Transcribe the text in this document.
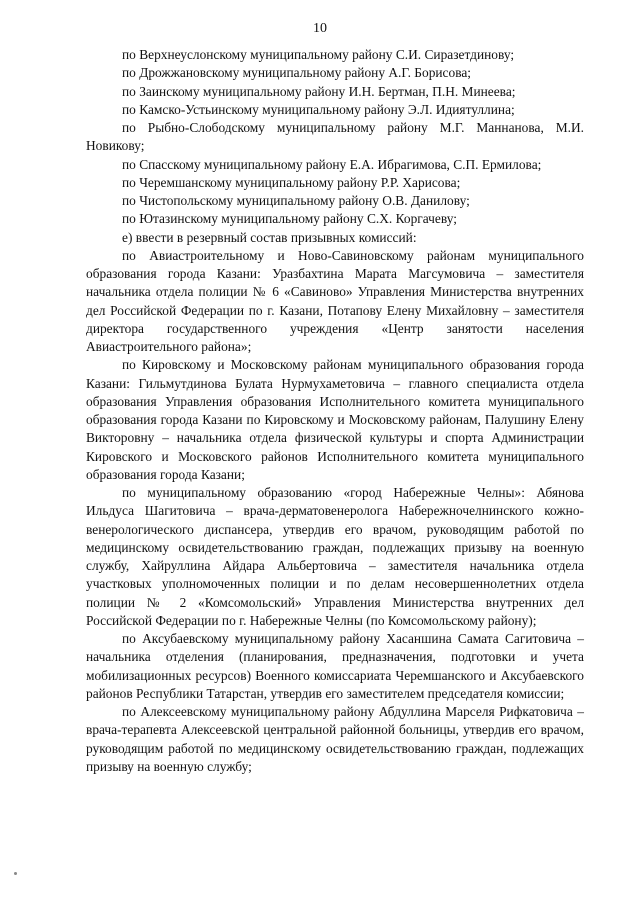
10

по Верхнеуслонскому муниципальному району С.И. Сиразетдинову;

по Дрожжановскому муниципальному району А.Г. Борисова;

по Заинскому муниципальному району И.Н. Бертман, П.Н. Минеева;

по Камско-Устьинскому муниципальному району Э.Л. Идиятуллина;

по Рыбно-Слободскому муниципальному району М.Г. Маннанова, М.И. Новикову;

по Спасскому муниципальному району Е.А. Ибрагимова, С.П. Ермилова;

по Черемшанскому муниципальному району Р.Р. Харисова;

по Чистопольскому муниципальному району О.В. Данилову;

по Ютазинскому муниципальному району С.Х. Коргачеву;

е) ввести в резервный состав призывных комиссий:

по Авиастроительному и Ново-Савиновскому районам муниципального образования города Казани: Уразбахтина Марата Магсумовича – заместителя начальника отдела полиции № 6 «Савиново» Управления Министерства внутренних дел Российской Федерации по г. Казани, Потапову Елену Михайловну – заместителя директора государственного учреждения «Центр занятости населения Авиастроительного района»;

по Кировскому и Московскому районам муниципального образования города Казани: Гильмутдинова Булата Нурмухаметовича – главного специалиста отдела образования Управления образования Исполнительного комитета муниципального образования города Казани по Кировскому и Московскому районам, Палушину Елену Викторовну – начальника отдела физической культуры и спорта Администрации Кировского и Московского районов Исполнительного комитета муниципального образования города Казани;

по муниципальному образованию «город Набережные Челны»: Абянова Ильдуса Шагитовича – врача-дерматовенеролога Набережночелнинского кожно-венерологического диспансера, утвердив его врачом, руководящим работой по медицинскому освидетельствованию граждан, подлежащих призыву на военную службу, Хайруллина Айдара Альбертовича – заместителя начальника отдела участковых уполномоченных полиции и по делам несовершеннолетних отдела полиции № 2 «Комсомольский» Управления Министерства внутренних дел Российской Федерации по г. Набережные Челны (по Комсомольскому району);

по Аксубаевскому муниципальному району Хасаншина Самата Сагитовича – начальника отделения (планирования, предназначения, подготовки и учета мобилизационных ресурсов) Военного комиссариата Черемшанского и Аксубаевского районов Республики Татарстан, утвердив его заместителем председателя комиссии;

по Алексеевскому муниципальному району Абдуллина Марселя Рифкатовича – врача-терапевта Алексеевской центральной районной больницы, утвердив его врачом, руководящим работой по медицинскому освидетельствованию граждан, подлежащих призыву на военную службу;
